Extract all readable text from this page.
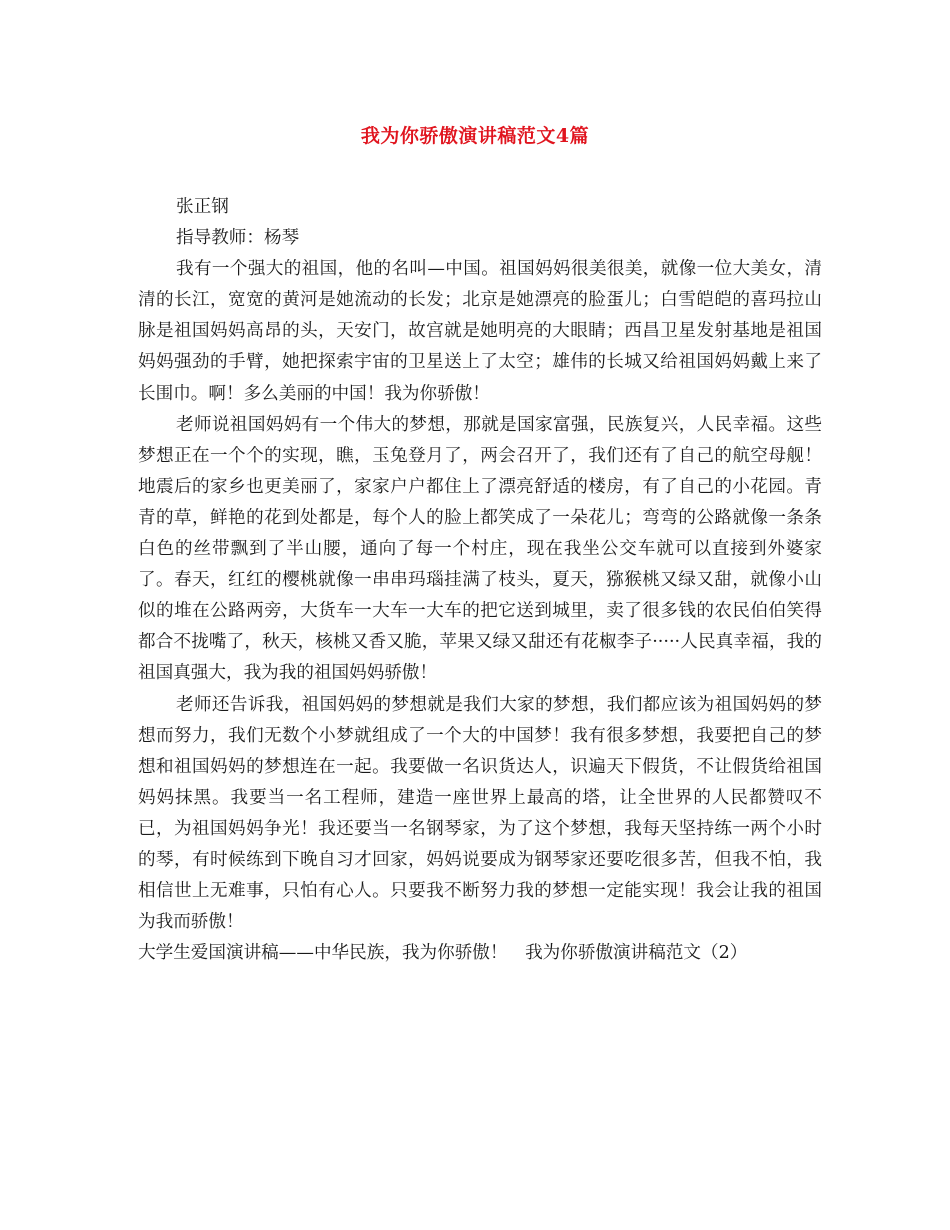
我为你骄傲演讲稿范文4篇

张正钢

指导教师：杨琴

我有一个强大的祖国，他的名叫—中国。祖国妈妈很美很美，就像一位大美女，清清的长江，宽宽的黄河是她流动的长发；北京是她漂亮的脸蛋儿；白雪皑皑的喜玛拉山脉是祖国妈妈高昂的头，天安门，故宫就是她明亮的大眼睛；西昌卫星发射基地是祖国妈妈强劲的手臂，她把探索宇宙的卫星送上了太空；雄伟的长城又给祖国妈妈戴上来了长围巾。啊！多么美丽的中国！我为你骄傲！

老师说祖国妈妈有一个伟大的梦想，那就是国家富强，民族复兴，人民幸福。这些梦想正在一个个的实现，瞧，玉兔登月了，两会召开了，我们还有了自己的航空母舰！地震后的家乡也更美丽了，家家户户都住上了漂亮舒适的楼房，有了自己的小花园。青青的草，鲜艳的花到处都是，每个人的脸上都笑成了一朵花儿；弯弯的公路就像一条条白色的丝带飘到了半山腰，通向了每一个村庄，现在我坐公交车就可以直接到外婆家了。春天，红红的樱桃就像一串串玛瑙挂满了枝头，夏天，猕猴桃又绿又甜，就像小山似的堆在公路两旁，大货车一大车一大车的把它送到城里，卖了很多钱的农民伯伯笑得都合不拢嘴了，秋天，核桃又香又脆，苹果又绿又甜还有花椒李子·····人民真幸福，我的祖国真强大，我为我的祖国妈妈骄傲！

老师还告诉我，祖国妈妈的梦想就是我们大家的梦想，我们都应该为祖国妈妈的梦想而努力，我们无数个小梦就组成了一个大的中国梦！我有很多梦想，我要把自己的梦想和祖国妈妈的梦想连在一起。我要做一名识货达人，识遍天下假货，不让假货给祖国妈妈抹黑。我要当一名工程师，建造一座世界上最高的塔，让全世界的人民都赞叹不已，为祖国妈妈争光！我还要当一名钢琴家，为了这个梦想，我每天坚持练一两个小时的琴，有时候练到下晚自习才回家，妈妈说要成为钢琴家还要吃很多苦，但我不怕，我相信世上无难事，只怕有心人。只要我不断努力我的梦想一定能实现！我会让我的祖国为我而骄傲！

大学生爱国演讲稿——中华民族，我为你骄傲！　我为你骄傲演讲稿范文（2）
